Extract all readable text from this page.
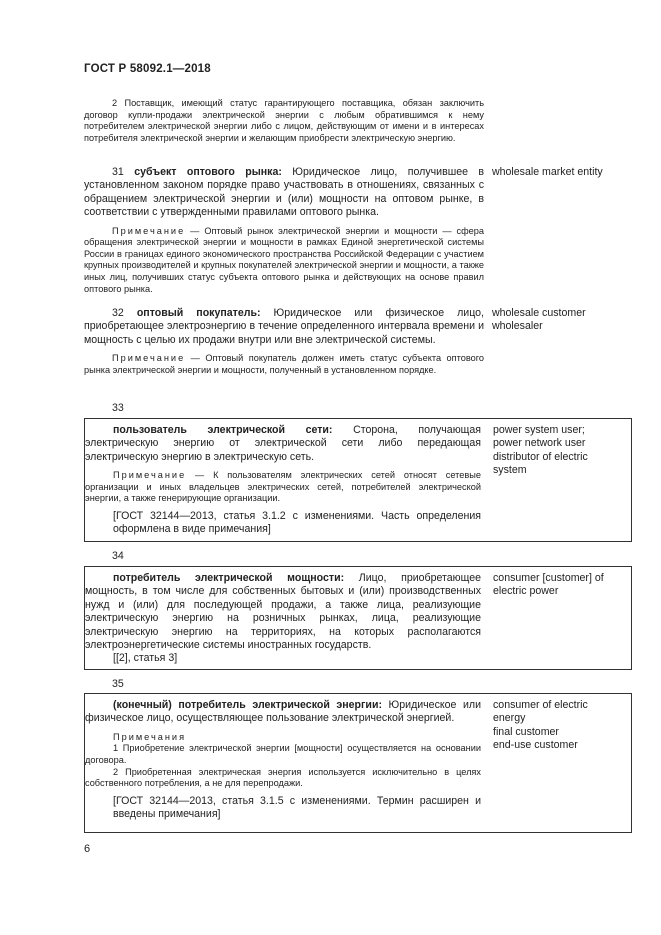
ГОСТ Р 58092.1—2018

2 Поставщик, имеющий статус гарантирующего поставщика, обязан заключить договор купли-продажи электрической энергии с любым обратившимся к нему потребителем электрической энергии либо с лицом, действующим от имени и в интересах потребителя электрической энергии и желающим приобрести электрическую энергию.

31 субъект оптового рынка: Юридическое лицо, получившее в установленном законом порядке право участвовать в отношениях, связанных с обращением электрической энергии и (или) мощности на оптовом рынке, в соответствии с утвержденными правилами оптового рынка.

Примечание — Оптовый рынок электрической энергии и мощности — сфера обращения электрической энергии и мощности в рамках Единой энергетической системы России в границах единого экономического пространства Российской Федерации с участием крупных производителей и крупных покупателей электрической энергии и мощности, а также иных лиц, получивших статус субъекта оптового рынка и действующих на основе правил оптового рынка.

wholesale market entity

32 оптовый покупатель: Юридическое или физическое лицо, приобретающее электроэнергию в течение определенного интервала времени и мощность с целью их продажи внутри или вне электрической системы.

Примечание — Оптовый покупатель должен иметь статус субъекта оптового рынка электрической энергии и мощности, полученный в установленном порядке.

wholesale customer
wholesaler
33

пользователь электрической сети: Сторона, получающая электрическую энергию от электрической сети либо передающая электрическую энергию в электрическую сеть.

Примечание — К пользователям электрических сетей относят сетевые организации и иных владельцев электрических сетей, потребителей электрической энергии, а также генерирующие организации.

[ГОСТ 32144—2013, статья 3.1.2 с изменениями. Часть определения оформлена в виде примечания]

power system user;
power network user
distributor of electric
system
34

потребитель электрической мощности: Лицо, приобретающее мощность, в том числе для собственных бытовых и (или) производственных нужд и (или) для последующей продажи, а также лица, реализующие электрическую энергию на розничных рынках, лица, реализующие электрическую энергию на территориях, на которых располагаются электроэнергетические системы иностранных государств.

[[2], статья 3]

consumer [customer] of
electric power
35

(конечный) потребитель электрической энергии: Юридическое или физическое лицо, осуществляющее пользование электрической энергией.

Примечания

1 Приобретение электрической энергии [мощности] осуществляется на основании договора.

2 Приобретенная электрическая энергия используется исключительно в целях собственного потребления, а не для перепродажи.

[ГОСТ 32144—2013, статья 3.1.5 с изменениями. Термин расширен и введены примечания]

consumer of electric
energy
final customer
end-use customer
6
